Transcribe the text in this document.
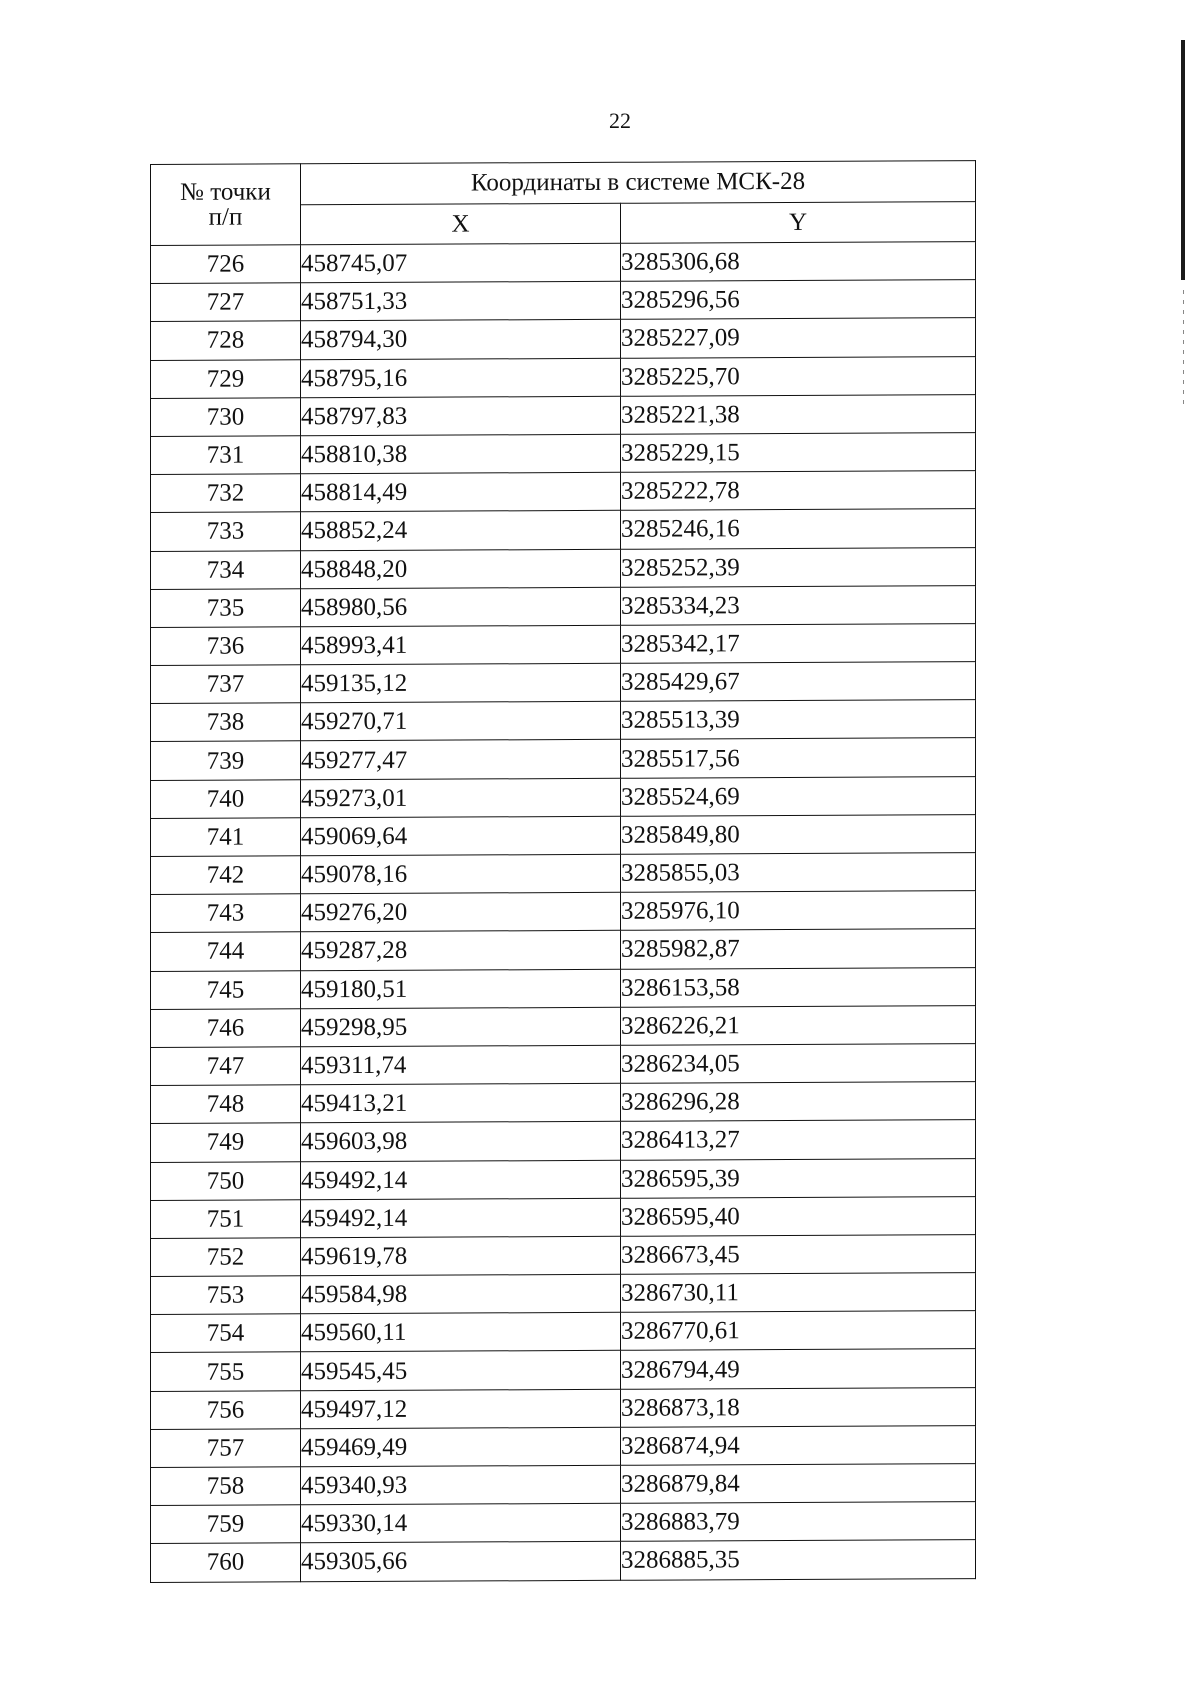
22
№ точки
п/п	Координаты в системе МСК-28	
	X	Y
726	458745,07	3285306,68
727	458751,33	3285296,56
728	458794,30	3285227,09
729	458795,16	3285225,70
730	458797,83	3285221,38
731	458810,38	3285229,15
732	458814,49	3285222,78
733	458852,24	3285246,16
734	458848,20	3285252,39
735	458980,56	3285334,23
736	458993,41	3285342,17
737	459135,12	3285429,67
738	459270,71	3285513,39
739	459277,47	3285517,56
740	459273,01	3285524,69
741	459069,64	3285849,80
742	459078,16	3285855,03
743	459276,20	3285976,10
744	459287,28	3285982,87
745	459180,51	3286153,58
746	459298,95	3286226,21
747	459311,74	3286234,05
748	459413,21	3286296,28
749	459603,98	3286413,27
750	459492,14	3286595,39
751	459492,14	3286595,40
752	459619,78	3286673,45
753	459584,98	3286730,11
754	459560,11	3286770,61
755	459545,45	3286794,49
756	459497,12	3286873,18
757	459469,49	3286874,94
758	459340,93	3286879,84
759	459330,14	3286883,79
760	459305,66	3286885,35
